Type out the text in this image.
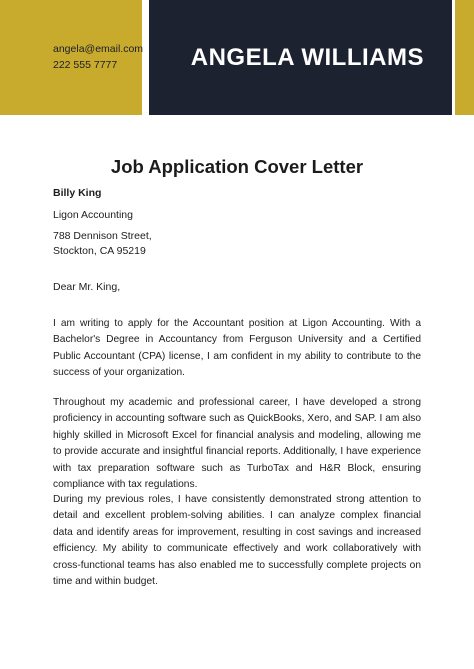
angela@email.com
222 555 7777	ANGELA WILLIAMS
Job Application Cover Letter
Billy King
Ligon Accounting
788 Dennison Street,
Stockton, CA 95219
Dear Mr. King,

I am writing to apply for the Accountant position at Ligon Accounting. With a Bachelor's Degree in Accountancy from Ferguson University and a Certified Public Accountant (CPA) license, I am confident in my ability to contribute to the success of your organization.

Throughout my academic and professional career, I have developed a strong proficiency in accounting software such as QuickBooks, Xero, and SAP. I am also highly skilled in Microsoft Excel for financial analysis and modeling, allowing me to provide accurate and insightful financial reports. Additionally, I have experience with tax preparation software such as TurboTax and H&R Block, ensuring compliance with tax regulations.

During my previous roles, I have consistently demonstrated strong attention to detail and excellent problem-solving abilities. I can analyze complex financial data and identify areas for improvement, resulting in cost savings and increased efficiency. My ability to communicate effectively and work collaboratively with cross-functional teams has also enabled me to successfully complete projects on time and within budget.
